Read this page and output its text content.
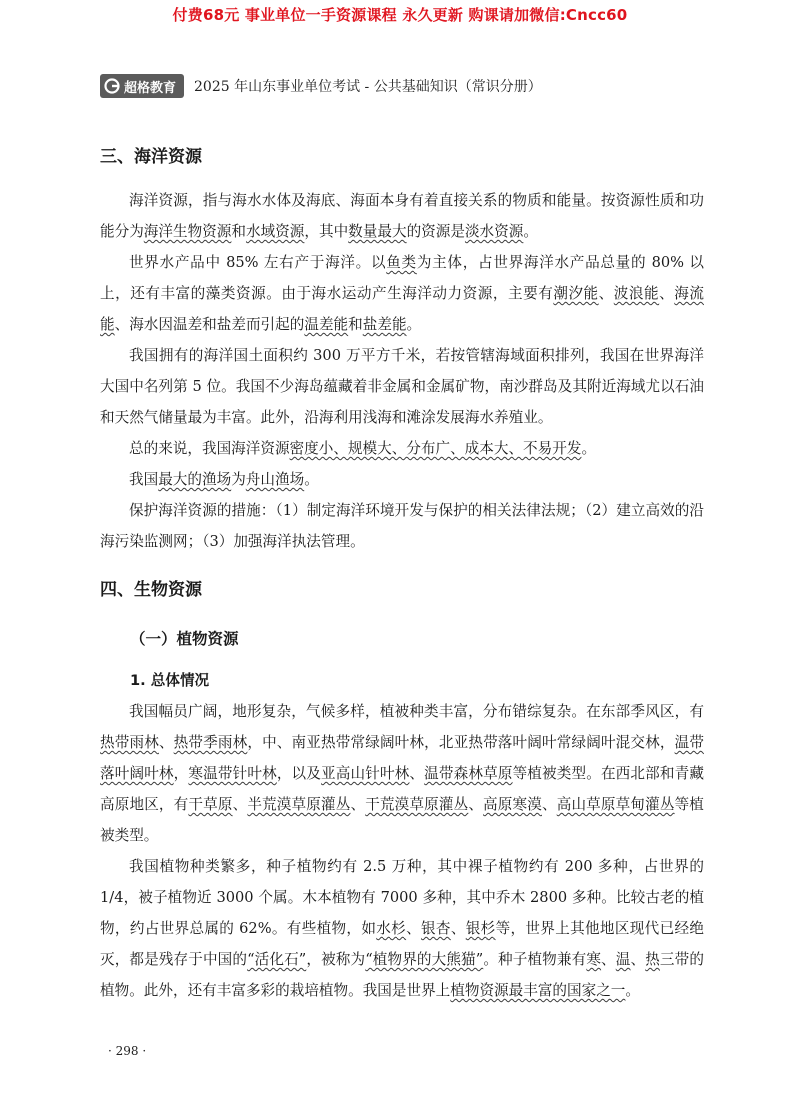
付费68元 事业单位一手资源课程 永久更新 购课请加微信:Cncc60
超格教育 2025 年山东事业单位考试 - 公共基础知识（常识分册）
三、海洋资源

海洋资源，指与海水水体及海底、海面本身有着直接关系的物质和能量。按资源性质和功能分为海洋生物资源和水域资源，其中数量最大的资源是淡水资源。

世界水产品中 85% 左右产于海洋。以鱼类为主体，占世界海洋水产品总量的 80% 以上，还有丰富的藻类资源。由于海水运动产生海洋动力资源，主要有潮汐能、波浪能、海流能、海水因温差和盐差而引起的温差能和盐差能。

我国拥有的海洋国土面积约 300 万平方千米，若按管辖海域面积排列，我国在世界海洋大国中名列第 5 位。我国不少海岛蕴藏着非金属和金属矿物，南沙群岛及其附近海域尤以石油和天然气储量最为丰富。此外，沿海利用浅海和滩涂发展海水养殖业。

总的来说，我国海洋资源密度小、规模大、分布广、成本大、不易开发。

我国最大的渔场为舟山渔场。

保护海洋资源的措施：（1）制定海洋环境开发与保护的相关法律法规；（2）建立高效的沿海污染监测网；（3）加强海洋执法管理。

四、生物资源
（一）植物资源
1. 总体情况

我国幅员广阔，地形复杂，气候多样，植被种类丰富，分布错综复杂。在东部季风区，有热带雨林、热带季雨林，中、南亚热带常绿阔叶林，北亚热带落叶阔叶常绿阔叶混交林，温带落叶阔叶林，寒温带针叶林，以及亚高山针叶林、温带森林草原等植被类型。在西北部和青藏高原地区，有干草原、半荒漠草原灌丛、干荒漠草原灌丛、高原寒漠、高山草原草甸灌丛等植被类型。

我国植物种类繁多，种子植物约有 2.5 万种，其中裸子植物约有 200 多种，占世界的 1/4，被子植物近 3000 个属。木本植物有 7000 多种，其中乔木 2800 多种。比较古老的植物，约占世界总属的 62%。有些植物，如水杉、银杏、银杉等，世界上其他地区现代已经绝灭，都是残存于中国的“活化石”，被称为“植物界的大熊猫”。种子植物兼有寒、温、热三带的植物。此外，还有丰富多彩的栽培植物。我国是世界上植物资源最丰富的国家之一。

· 298 ·
